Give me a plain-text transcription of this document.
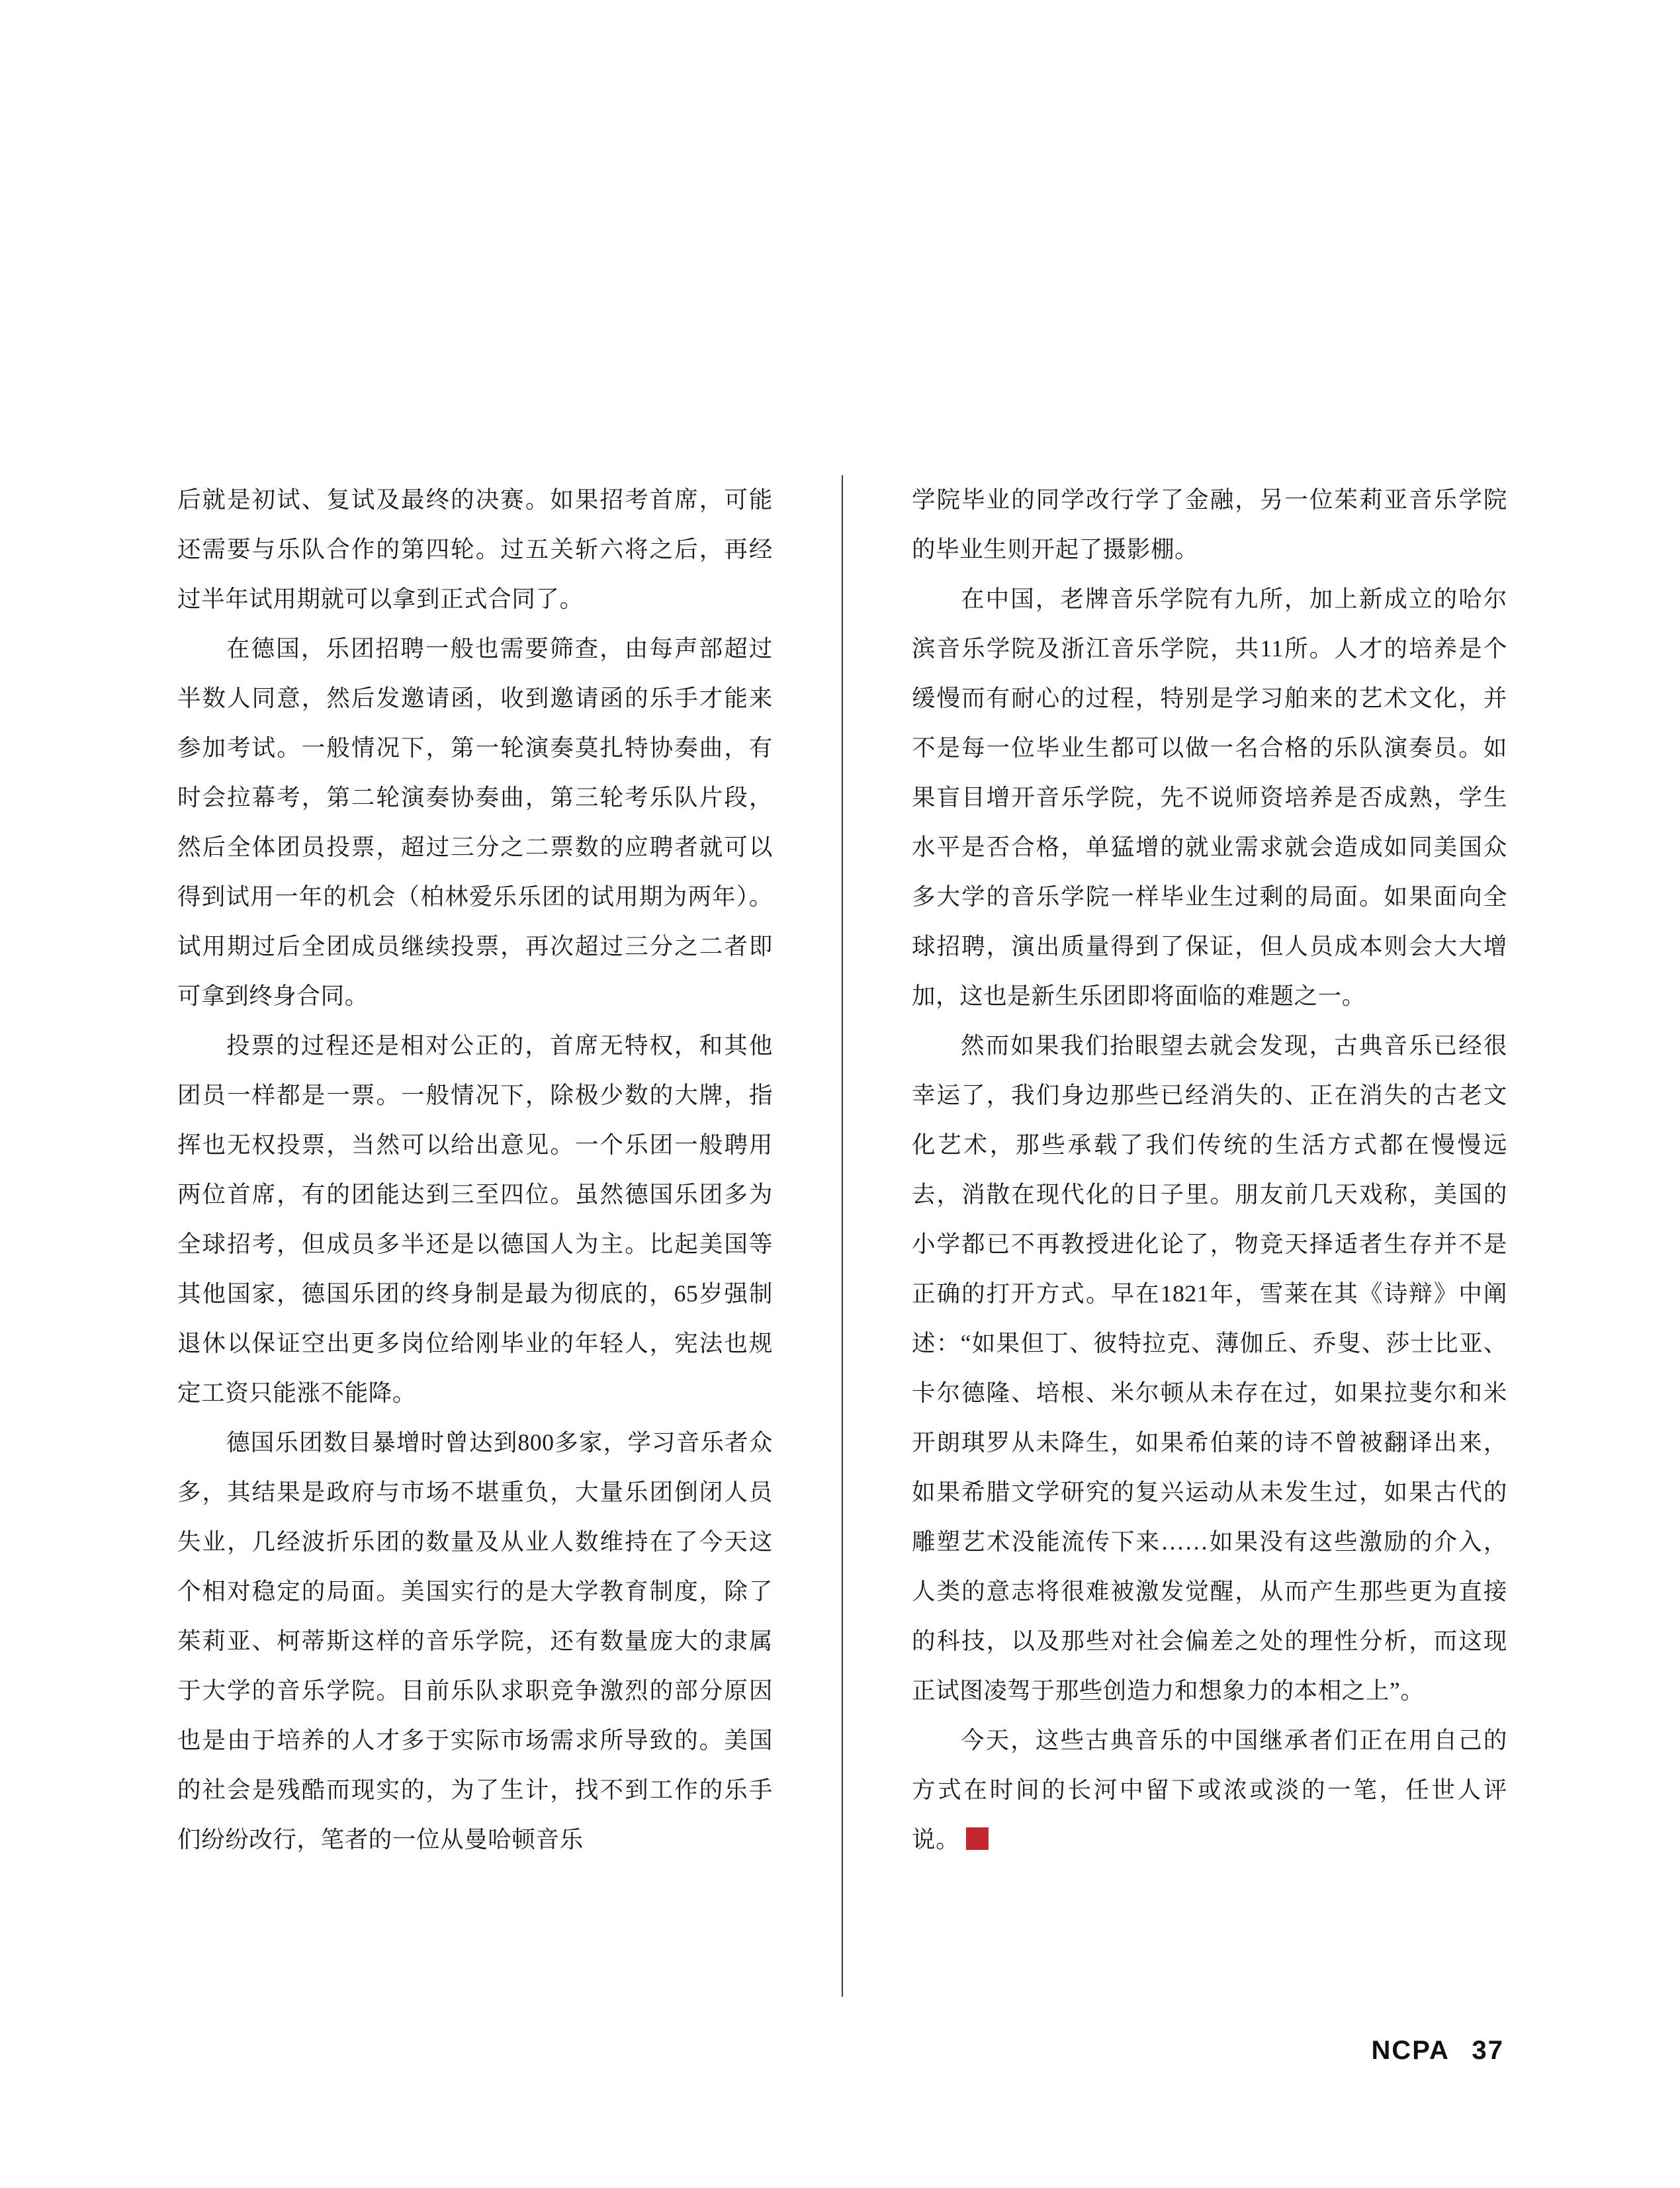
后就是初试、复试及最终的决赛。如果招考首席，可能还需要与乐队合作的第四轮。过五关斩六将之后，再经过半年试用期就可以拿到正式合同了。

在德国，乐团招聘一般也需要筛查，由每声部超过半数人同意，然后发邀请函，收到邀请函的乐手才能来参加考试。一般情况下，第一轮演奏莫扎特协奏曲，有时会拉幕考，第二轮演奏协奏曲，第三轮考乐队片段，然后全体团员投票，超过三分之二票数的应聘者就可以得到试用一年的机会（柏林爱乐乐团的试用期为两年）。试用期过后全团成员继续投票，再次超过三分之二者即可拿到终身合同。

投票的过程还是相对公正的，首席无特权，和其他团员一样都是一票。一般情况下，除极少数的大牌，指挥也无权投票，当然可以给出意见。一个乐团一般聘用两位首席，有的团能达到三至四位。虽然德国乐团多为全球招考，但成员多半还是以德国人为主。比起美国等其他国家，德国乐团的终身制是最为彻底的，65岁强制退休以保证空出更多岗位给刚毕业的年轻人，宪法也规定工资只能涨不能降。

德国乐团数目暴增时曾达到800多家，学习音乐者众多，其结果是政府与市场不堪重负，大量乐团倒闭人员失业，几经波折乐团的数量及从业人数维持在了今天这个相对稳定的局面。美国实行的是大学教育制度，除了茱莉亚、柯蒂斯这样的音乐学院，还有数量庞大的隶属于大学的音乐学院。目前乐队求职竞争激烈的部分原因也是由于培养的人才多于实际市场需求所导致的。美国的社会是残酷而现实的，为了生计，找不到工作的乐手们纷纷改行，笔者的一位从曼哈顿音乐

学院毕业的同学改行学了金融，另一位茱莉亚音乐学院的毕业生则开起了摄影棚。

在中国，老牌音乐学院有九所，加上新成立的哈尔滨音乐学院及浙江音乐学院，共11所。人才的培养是个缓慢而有耐心的过程，特别是学习舶来的艺术文化，并不是每一位毕业生都可以做一名合格的乐队演奏员。如果盲目增开音乐学院，先不说师资培养是否成熟，学生水平是否合格，单猛增的就业需求就会造成如同美国众多大学的音乐学院一样毕业生过剩的局面。如果面向全球招聘，演出质量得到了保证，但人员成本则会大大增加，这也是新生乐团即将面临的难题之一。

然而如果我们抬眼望去就会发现，古典音乐已经很幸运了，我们身边那些已经消失的、正在消失的古老文化艺术，那些承载了我们传统的生活方式都在慢慢远去，消散在现代化的日子里。朋友前几天戏称，美国的小学都已不再教授进化论了，物竞天择适者生存并不是正确的打开方式。早在1821年，雪莱在其《诗辩》中阐述：“如果但丁、彼特拉克、薄伽丘、乔叟、莎士比亚、卡尔德隆、培根、米尔顿从未存在过，如果拉斐尔和米开朗琪罗从未降生，如果希伯莱的诗不曾被翻译出来，如果希腊文学研究的复兴运动从未发生过，如果古代的雕塑艺术没能流传下来……如果没有这些激励的介入，人类的意志将很难被激发觉醒，从而产生那些更为直接的科技，以及那些对社会偏差之处的理性分析，而这现正试图凌驾于那些创造力和想象力的本相之上”。

今天，这些古典音乐的中国继承者们正在用自己的方式在时间的长河中留下或浓或淡的一笔，任世人评说。

NCPA 37
